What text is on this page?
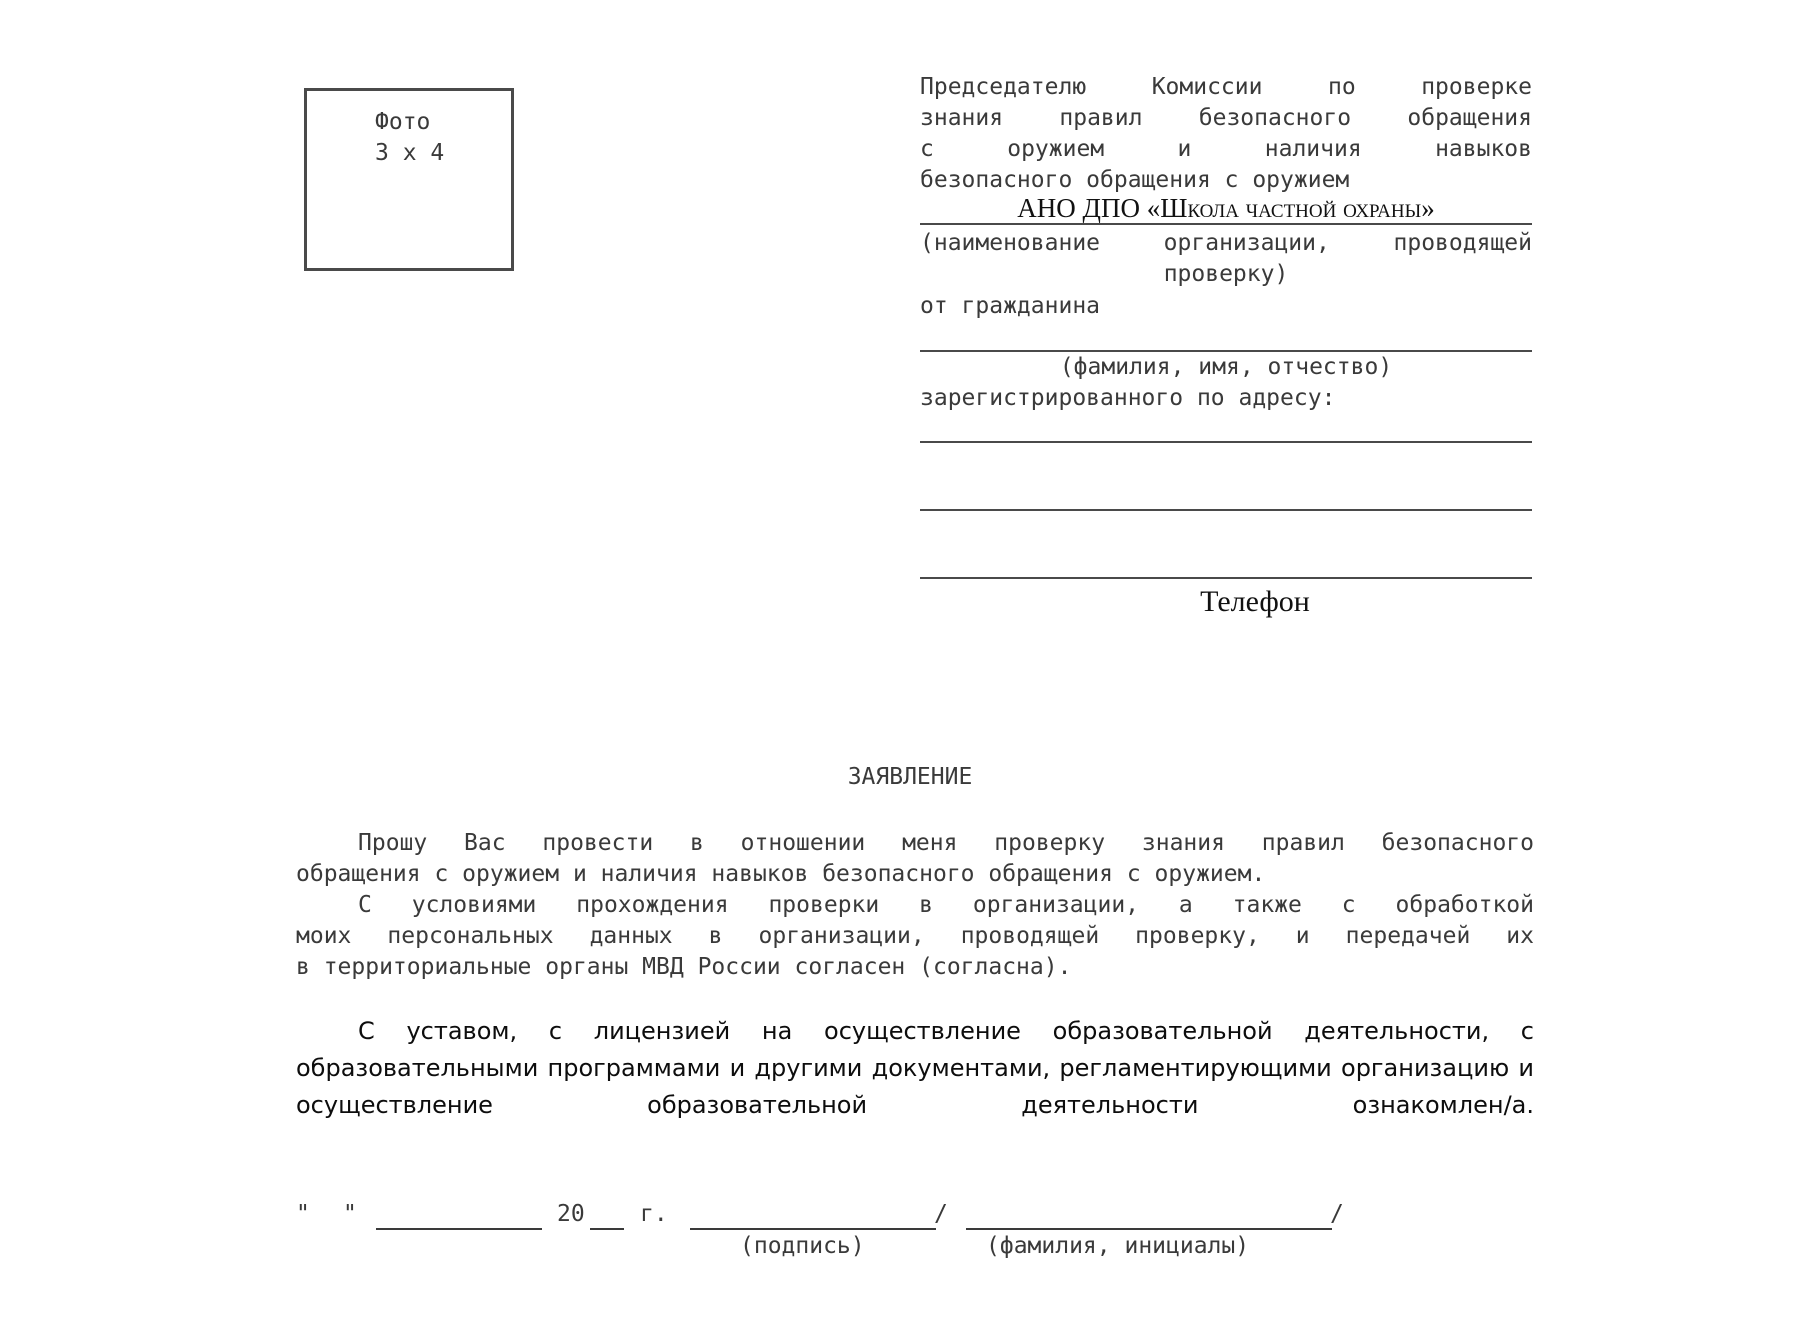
Фото
3 x 4
Председателю Комиссии по проверке
знания правил безопасного обращения
с оружием и наличия навыков
безопасного обращения с оружием
АНО ДПО «Школа частной охраны»
(наименование организации, проводящей
проверку)
от гражданина
(фамилия, имя, отчество)
зарегистрированного по адресу:
Телефон
ЗАЯВЛЕНИЕ

Прошу Вас провести в отношении меня проверку знания правил безопасного

обращения с оружием и наличия навыков безопасного обращения с оружием.

С условиями прохождения проверки в организации, а также с обработкой

моих персональных данных в организации, проводящей проверку, и передачей их

в территориальные органы МВД России согласен (согласна).

С уставом, с лицензией на осуществление образовательной деятельности, с образовательными программами и другими документами, регламентирующими организацию и осуществление образовательной деятельности ознакомлен/а.

" "	20 г.	/	/
(подпись)	(фамилия, инициалы)
